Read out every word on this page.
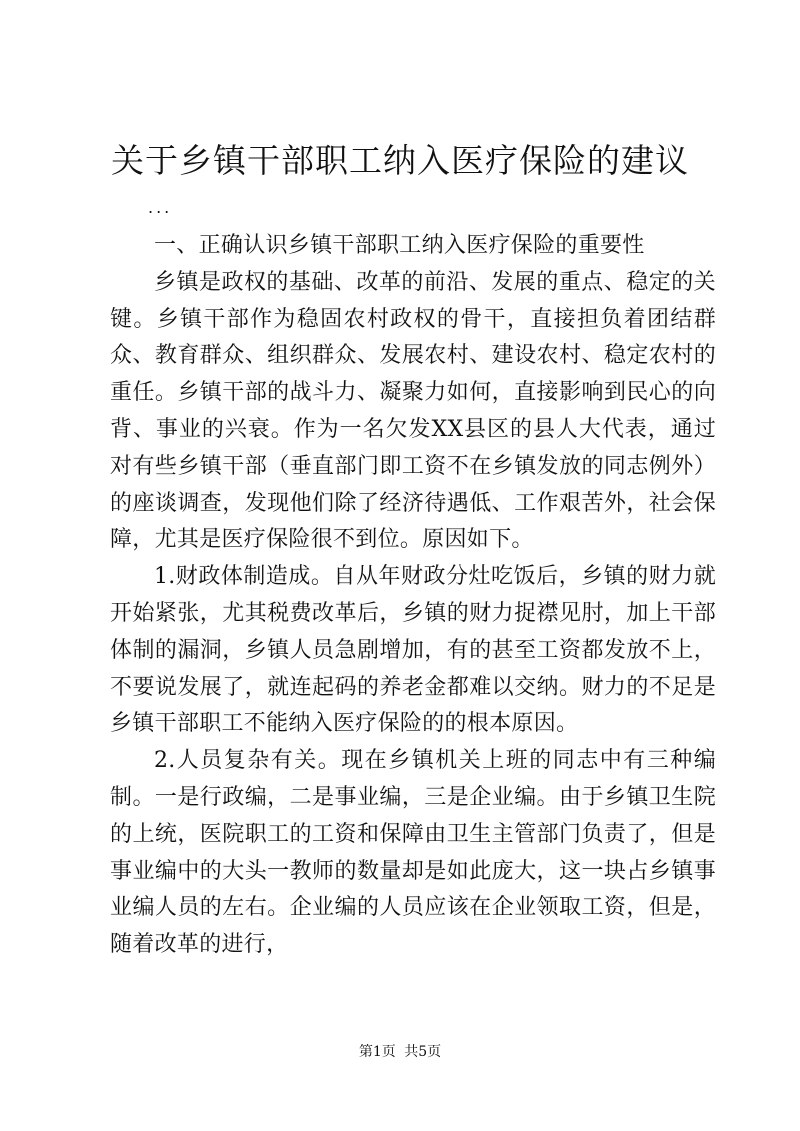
关于乡镇干部职工纳入医疗保险的建议
...

一、正确认识乡镇干部职工纳入医疗保险的重要性

乡镇是政权的基础、改革的前沿、发展的重点、稳定的关键。乡镇干部作为稳固农村政权的骨干，直接担负着团结群众、教育群众、组织群众、发展农村、建设农村、稳定农村的重任。乡镇干部的战斗力、凝聚力如何，直接影响到民心的向背、事业的兴衰。作为一名欠发XX县区的县人大代表，通过对有些乡镇干部（垂直部门即工资不在乡镇发放的同志例外）的座谈调查，发现他们除了经济待遇低、工作艰苦外，社会保障，尤其是医疗保险很不到位。原因如下。

1.财政体制造成。自从年财政分灶吃饭后，乡镇的财力就开始紧张，尤其税费改革后，乡镇的财力捉襟见肘，加上干部体制的漏洞，乡镇人员急剧增加，有的甚至工资都发放不上，不要说发展了，就连起码的养老金都难以交纳。财力的不足是乡镇干部职工不能纳入医疗保险的的根本原因。

2.人员复杂有关。现在乡镇机关上班的同志中有三种编制。一是行政编，二是事业编，三是企业编。由于乡镇卫生院的上统，医院职工的工资和保障由卫生主管部门负责了，但是事业编中的大头一教师的数量却是如此庞大，这一块占乡镇事业编人员的左右。企业编的人员应该在企业领取工资，但是，随着改革的进行，

第1页 共5页
